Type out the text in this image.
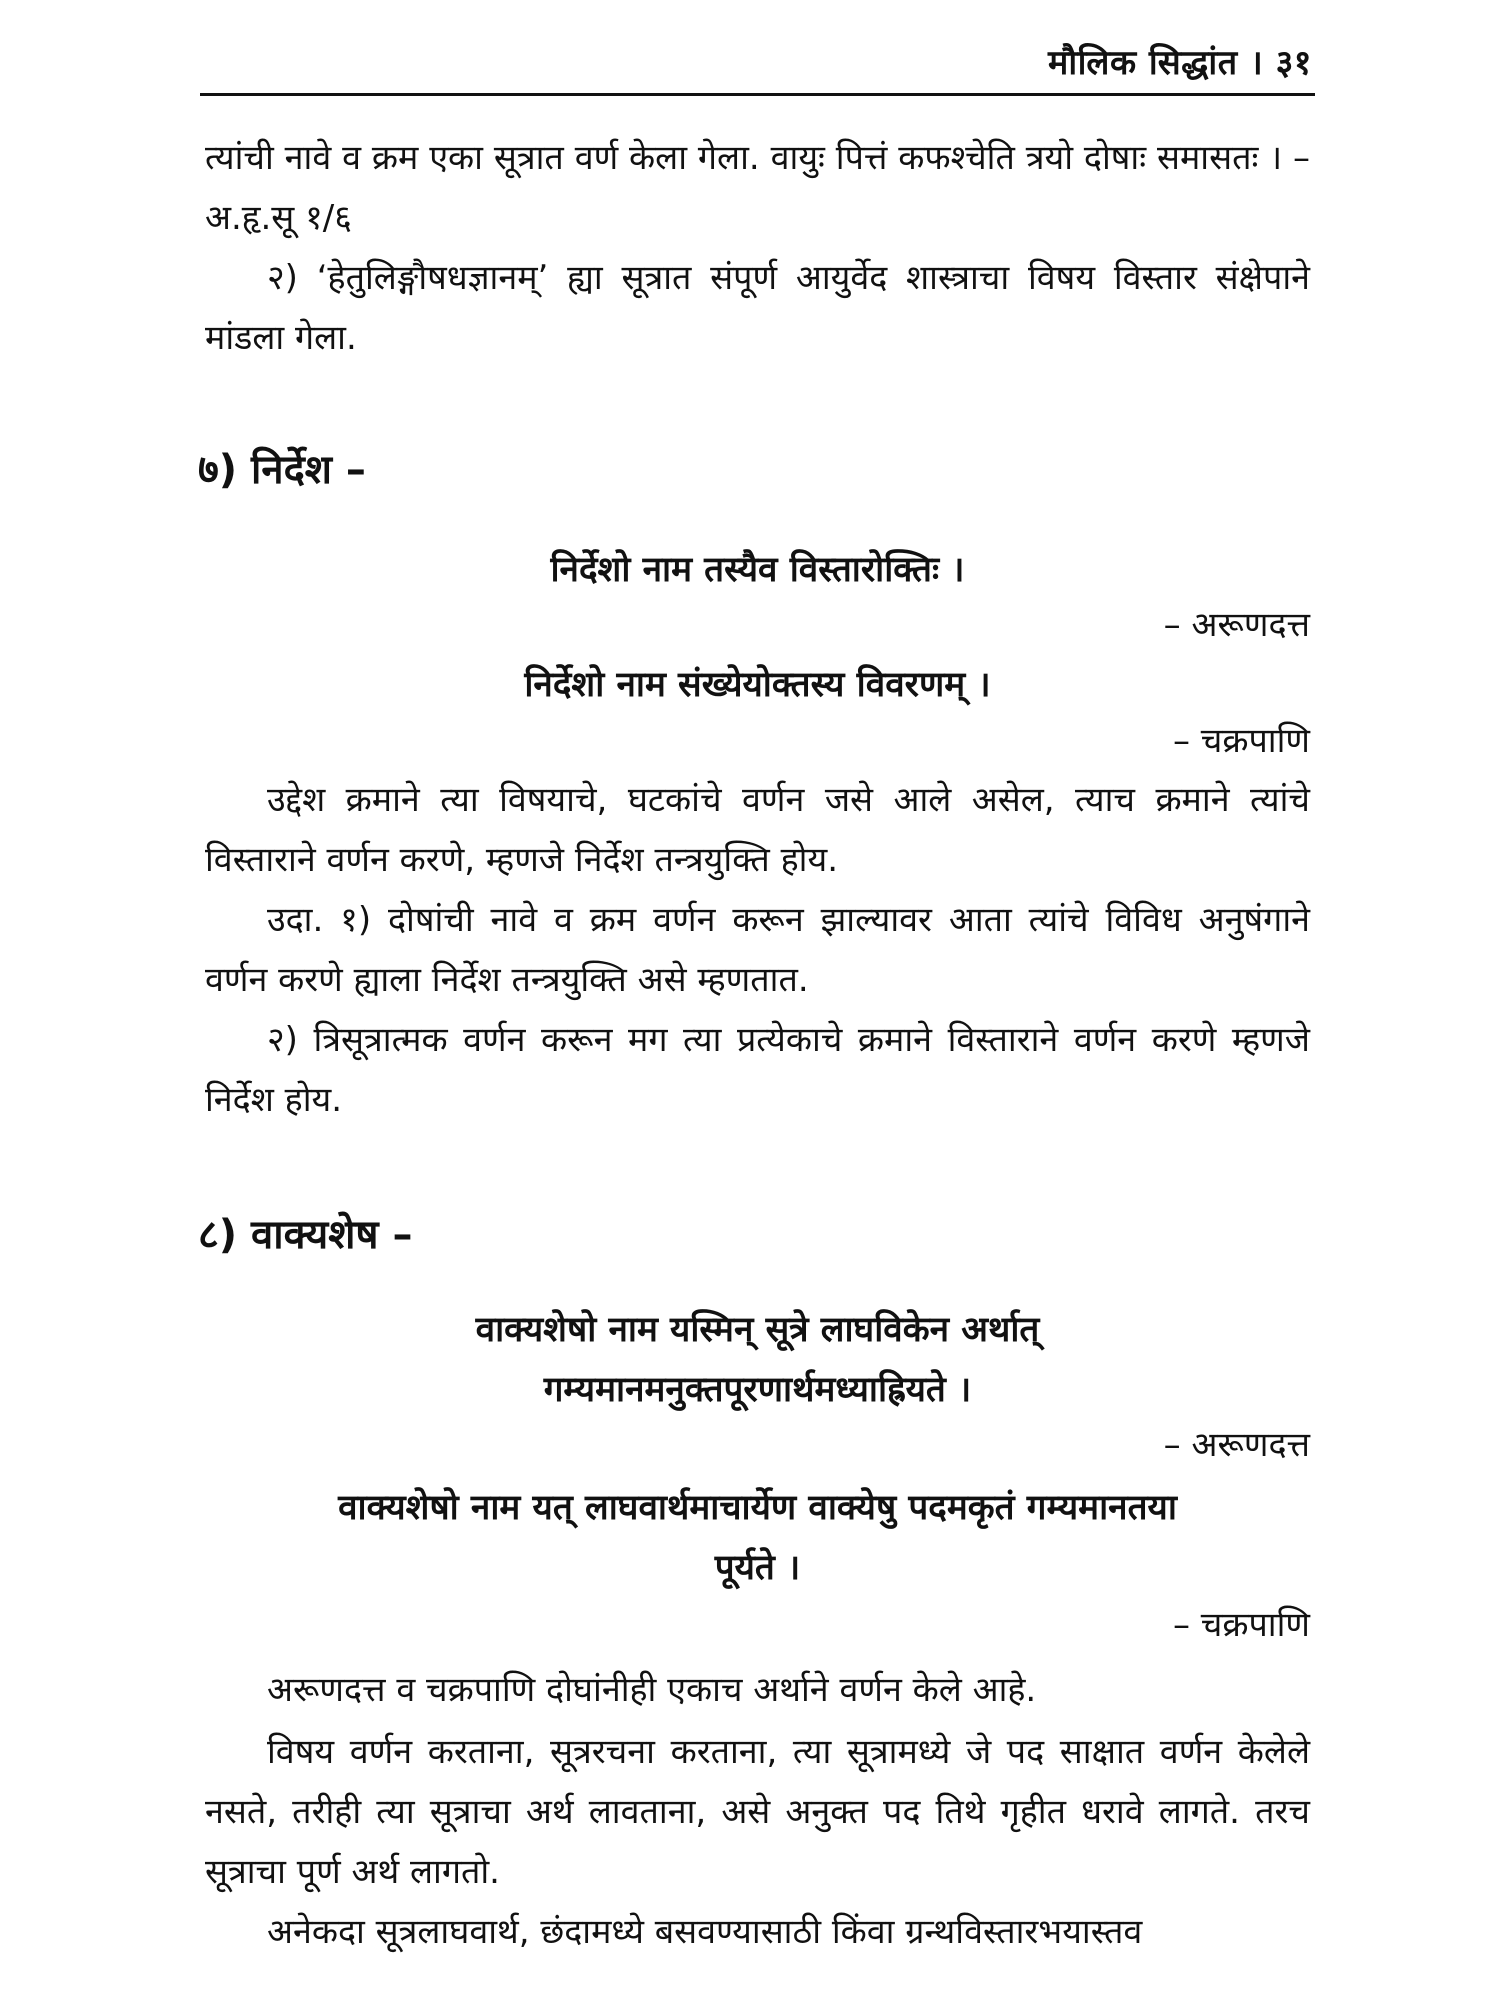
मौलिक सिद्धांत । ३१
त्यांची नावे व क्रम एका सूत्रात वर्ण केला गेला. वायुः पित्तं कफश्चेति त्रयो दोषाः समासतः । – अ.हृ.सू १/६
२) ‘हेतुलिङ्गौषधज्ञानम्’ ह्या सूत्रात संपूर्ण आयुर्वेद शास्त्राचा विषय विस्तार संक्षेपाने मांडला गेला.
७) निर्देश –
निर्देशो नाम तस्यैव विस्तारोक्तिः ।
– अरूणदत्त
निर्देशो नाम संख्येयोक्तस्य विवरणम् ।
– चक्रपाणि
उद्देश क्रमाने त्या विषयाचे, घटकांचे वर्णन जसे आले असेल, त्याच क्रमाने त्यांचे विस्ताराने वर्णन करणे, म्हणजे निर्देश तन्त्रयुक्ति होय.
उदा. १) दोषांची नावे व क्रम वर्णन करून झाल्यावर आता त्यांचे विविध अनुषंगाने वर्णन करणे ह्याला निर्देश तन्त्रयुक्ति असे म्हणतात.
२) त्रिसूत्रात्मक वर्णन करून मग त्या प्रत्येकाचे क्रमाने विस्ताराने वर्णन करणे म्हणजे निर्देश होय.
८) वाक्यशेष –
वाक्यशेषो नाम यस्मिन् सूत्रे लाघविकेन अर्थात्
गम्यमानमनुक्तपूरणार्थमध्याह्रियते ।
– अरूणदत्त
वाक्यशेषो नाम यत् लाघवार्थमाचार्येण वाक्येषु पदमकृतं गम्यमानतया
पूर्यते ।
– चक्रपाणि
अरूणदत्त व चक्रपाणि दोघांनीही एकाच अर्थाने वर्णन केले आहे.
विषय वर्णन करताना, सूत्ररचना करताना, त्या सूत्रामध्ये जे पद साक्षात वर्णन केलेले नसते, तरीही त्या सूत्राचा अर्थ लावताना, असे अनुक्त पद तिथे गृहीत धरावे लागते. तरच सूत्राचा पूर्ण अर्थ लागतो.
अनेकदा सूत्रलाघवार्थ, छंदामध्ये बसवण्यासाठी किंवा ग्रन्थविस्तारभयास्तव
